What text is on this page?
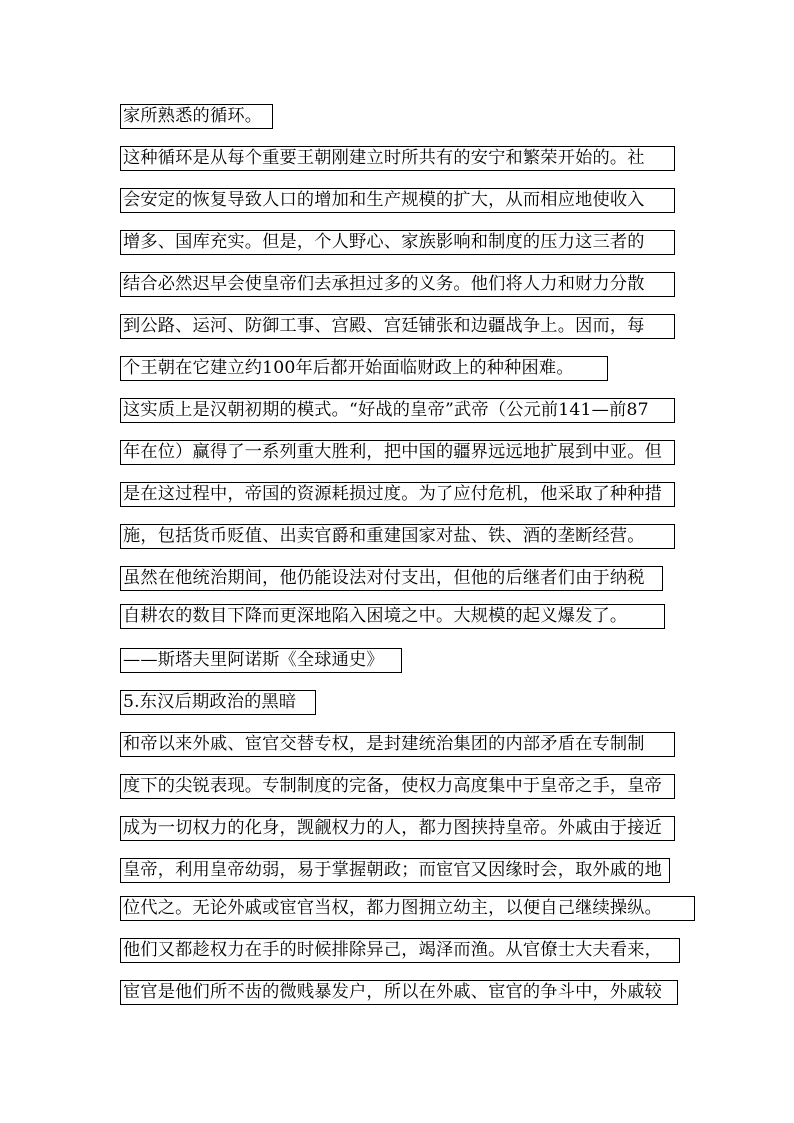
家所熟悉的循环。
这种循环是从每个重要王朝刚建立时所共有的安宁和繁荣开始的。社
会安定的恢复导致人口的增加和生产规模的扩大，从而相应地使收入
增多、国库充实。但是，个人野心、家族影响和制度的压力这三者的
结合必然迟早会使皇帝们去承担过多的义务。他们将人力和财力分散
到公路、运河、防御工事、宫殿、宫廷铺张和边疆战争上。因而，每
个王朝在它建立约100年后都开始面临财政上的种种困难。
这实质上是汉朝初期的模式。“好战的皇帝”武帝（公元前141—前87
年在位）赢得了一系列重大胜利，把中国的疆界远远地扩展到中亚。但
是在这过程中，帝国的资源耗损过度。为了应付危机，他采取了种种措
施，包括货币贬值、出卖官爵和重建国家对盐、铁、酒的垄断经营。
虽然在他统治期间，他仍能设法对付支出，但他的后继者们由于纳税
自耕农的数目下降而更深地陷入困境之中。大规模的起义爆发了。
——斯塔夫里阿诺斯《全球通史》
5.东汉后期政治的黑暗
和帝以来外戚、宦官交替专权，是封建统治集团的内部矛盾在专制制
度下的尖锐表现。专制制度的完备，使权力高度集中于皇帝之手，皇帝
成为一切权力的化身，觊觎权力的人，都力图挟持皇帝。外戚由于接近
皇帝，利用皇帝幼弱，易于掌握朝政；而宦官又因缘时会，取外戚的地
位代之。无论外戚或宦官当权，都力图拥立幼主，以便自己继续操纵。
他们又都趁权力在手的时候排除异己，竭泽而渔。从官僚士大夫看来，
宦官是他们所不齿的微贱暴发户，所以在外戚、宦官的争斗中，外戚较
